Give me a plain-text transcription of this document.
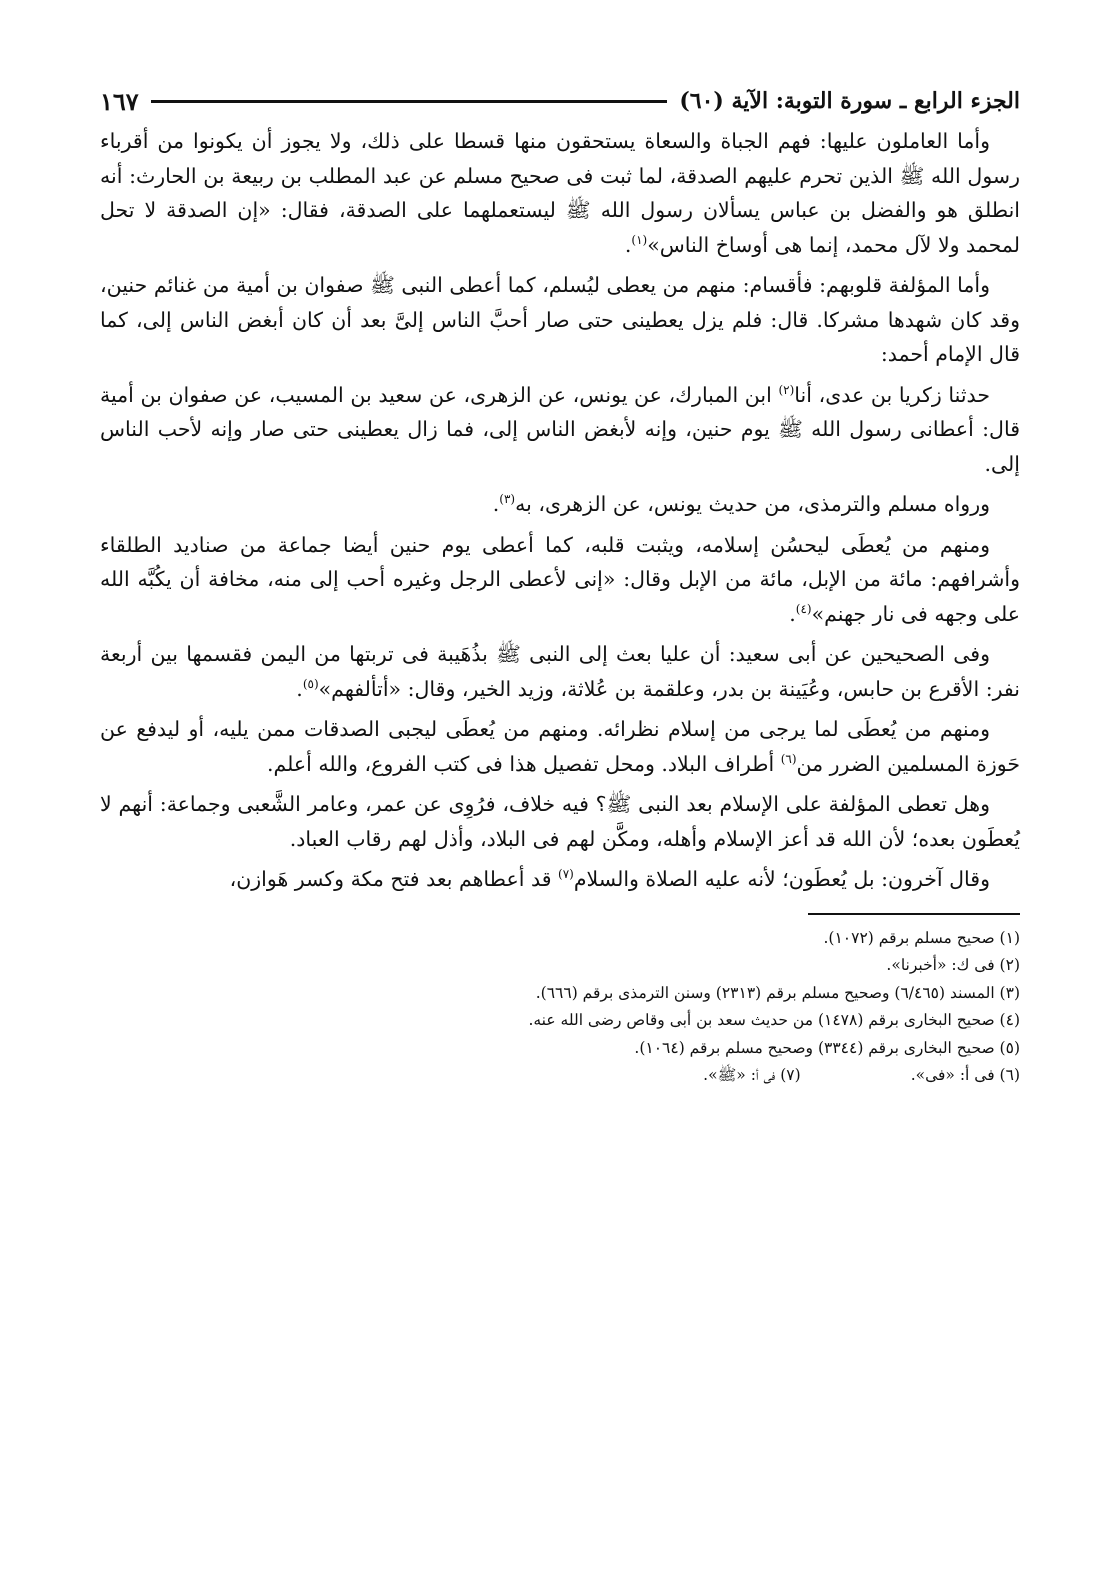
الجزء الرابع ـ سورة التوبة: الآية (٦٠)
١٦٧

وأما العاملون عليها: فهم الجباة والسعاة يستحقون منها قسطا على ذلك، ولا يجوز أن يكونوا من أقرباء رسول الله ﷺ الذين تحرم عليهم الصدقة، لما ثبت فى صحيح مسلم عن عبد المطلب بن ربيعة بن الحارث: أنه انطلق هو والفضل بن عباس يسألان رسول الله ﷺ ليستعملهما على الصدقة، فقال: «إن الصدقة لا تحل لمحمد ولا لآل محمد، إنما هى أوساخ الناس»$^{(١)}$.

وأما المؤلفة قلوبهم: فأقسام: منهم من يعطى ليُسلم، كما أعطى النبى ﷺ صفوان بن أمية من غنائم حنين، وقد كان شهدها مشركا. قال: فلم يزل يعطينى حتى صار أحبَّ الناس إلىَّ بعد أن كان أبغض الناس إلى، كما قال الإمام أحمد:

حدثنا زكريا بن عدى، أنا$^{(٢)}$ ابن المبارك، عن يونس، عن الزهرى، عن سعيد بن المسيب، عن صفوان بن أمية قال: أعطانى رسول الله ﷺ يوم حنين، وإنه لأبغض الناس إلى، فما زال يعطينى حتى صار وإنه لأحب الناس إلى.

ورواه مسلم والترمذى، من حديث يونس، عن الزهرى، به$^{(٣)}$.

ومنهم من يُعطَى ليحسُن إسلامه، ويثبت قلبه، كما أعطى يوم حنين أيضا جماعة من صناديد الطلقاء وأشرافهم: مائة من الإبل، مائة من الإبل وقال: «إنى لأعطى الرجل وغيره أحب إلى منه، مخافة أن يكُبَّه الله على وجهه فى نار جهنم»$^{(٤)}$.

وفى الصحيحين عن أبى سعيد: أن عليا بعث إلى النبى ﷺ بذُهَيبة فى تربتها من اليمن فقسمها بين أربعة نفر: الأقرع بن حابس، وعُيَينة بن بدر، وعلقمة بن عُلاثة، وزيد الخير، وقال: «أتألفهم»$^{(٥)}$.

ومنهم من يُعطَى لما يرجى من إسلام نظرائه. ومنهم من يُعطَى ليجبى الصدقات ممن يليه، أو ليدفع عن حَوزة المسلمين الضرر من$^{(٦)}$ أطراف البلاد. ومحل تفصيل هذا فى كتب الفروع، والله أعلم.

وهل تعطى المؤلفة على الإسلام بعد النبى ﷺ؟ فيه خلاف، فرُوِى عن عمر، وعامر الشَّعبى وجماعة: أنهم لا يُعطَون بعده؛ لأن الله قد أعز الإسلام وأهله، ومكَّن لهم فى البلاد، وأذل لهم رقاب العباد.

وقال آخرون: بل يُعطَون؛ لأنه عليه الصلاة والسلام$^{(٧)}$ قد أعطاهم بعد فتح مكة وكسر هَوازن،

(١) صحيح مسلم برقم (١٠٧٢).
(٢) فى ك: «أخبرنا».
(٣) المسند (٦/٤٦٥) وصحيح مسلم برقم (٢٣١٣) وسنن الترمذى برقم (٦٦٦).
(٤) صحيح البخارى برقم (١٤٧٨) من حديث سعد بن أبى وقاص رضى الله عنه.
(٥) صحيح البخارى برقم (٣٣٤٤) وصحيح مسلم برقم (١٠٦٤).
(٦) فى أ: «فى».(٧) فى أ: «ﷺ».
